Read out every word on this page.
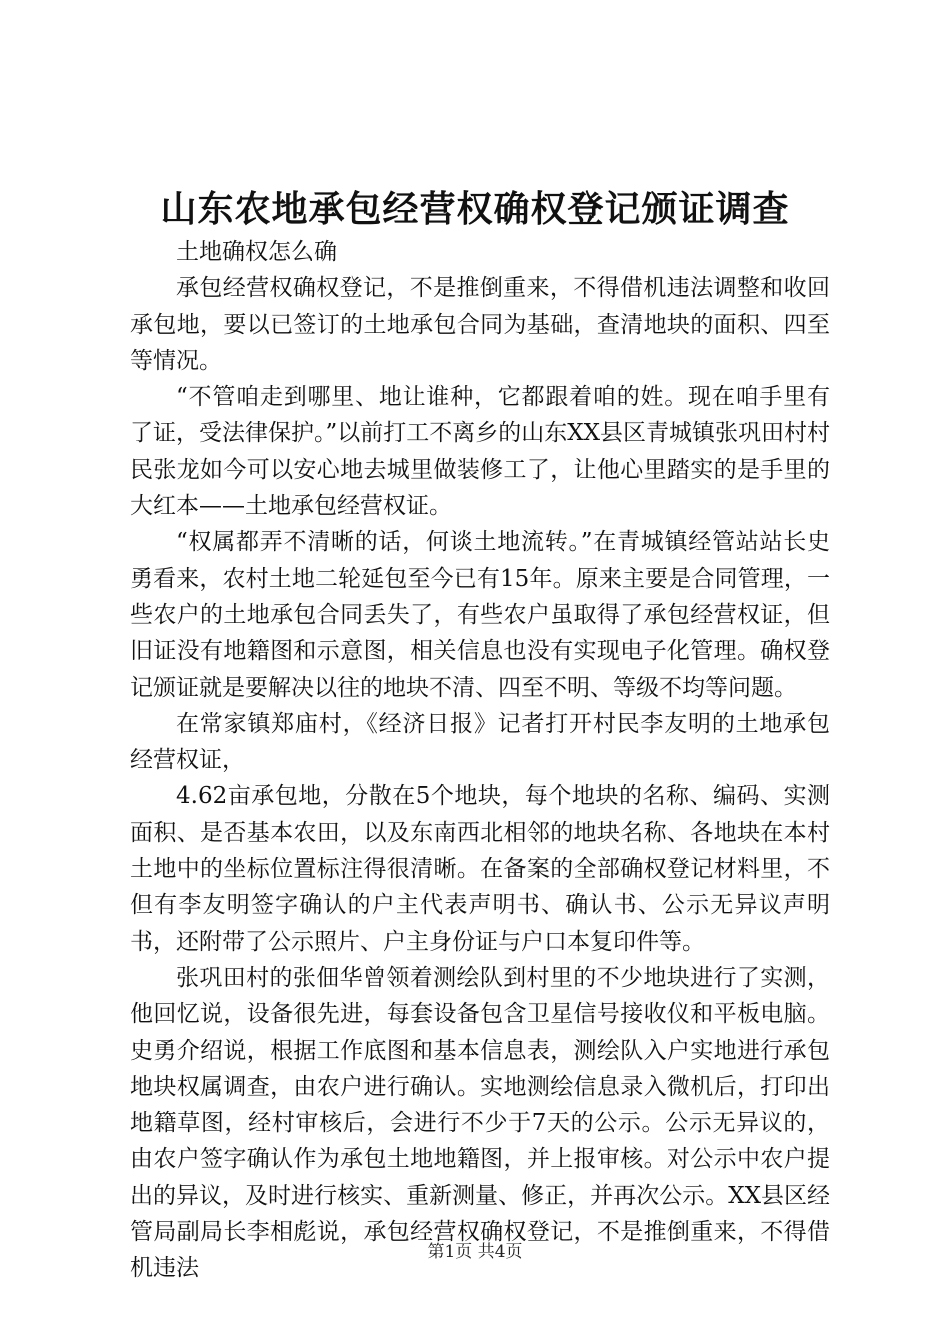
山东农地承包经营权确权登记颁证调查

土地确权怎么确

承包经营权确权登记，不是推倒重来，不得借机违法调整和收回承包地，要以已签订的土地承包合同为基础，查清地块的面积、四至等情况。

“不管咱走到哪里、地让谁种，它都跟着咱的姓。现在咱手里有了证，受法律保护。”以前打工不离乡的山东XX县区青城镇张巩田村村民张龙如今可以安心地去城里做装修工了，让他心里踏实的是手里的大红本——土地承包经营权证。

“权属都弄不清晰的话，何谈土地流转。”在青城镇经管站站长史勇看来，农村土地二轮延包至今已有15年。原来主要是合同管理，一些农户的土地承包合同丢失了，有些农户虽取得了承包经营权证，但旧证没有地籍图和示意图，相关信息也没有实现电子化管理。确权登记颁证就是要解决以往的地块不清、四至不明、等级不均等问题。

在常家镇郑庙村，《经济日报》记者打开村民李友明的土地承包经营权证，

4.62亩承包地，分散在5个地块，每个地块的名称、编码、实测面积、是否基本农田，以及东南西北相邻的地块名称、各地块在本村土地中的坐标位置标注得很清晰。在备案的全部确权登记材料里，不但有李友明签字确认的户主代表声明书、确认书、公示无异议声明书，还附带了公示照片、户主身份证与户口本复印件等。

张巩田村的张佃华曾领着测绘队到村里的不少地块进行了实测，他回忆说，设备很先进，每套设备包含卫星信号接收仪和平板电脑。史勇介绍说，根据工作底图和基本信息表，测绘队入户实地进行承包地块权属调查，由农户进行确认。实地测绘信息录入微机后，打印出地籍草图，经村审核后，会进行不少于7天的公示。公示无异议的，由农户签字确认作为承包土地地籍图，并上报审核。对公示中农户提出的异议，及时进行核实、重新测量、修正，并再次公示。XX县区经管局副局长李相彪说，承包经营权确权登记，不是推倒重来，不得借机违法

第1页 共4页
